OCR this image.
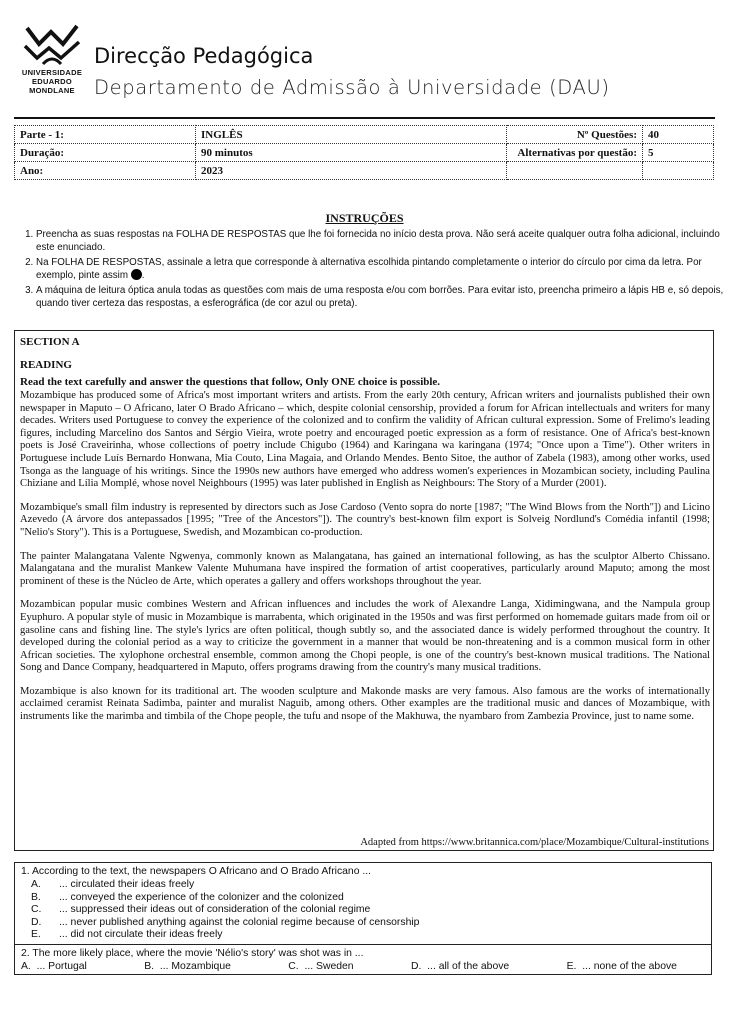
UNIVERSIDADE
EDUARDO
MONDLANE
Direcção Pedagógica
Departamento de Admissão à Universidade (DAU)
Parte - 1:	INGLÊS	Nº Questões:	40
Duração:	90 minutos	Alternativas por questão:	5
Ano:	2023		
INSTRUÇÕES
1. Preencha as suas respostas na FOLHA DE RESPOSTAS que lhe foi fornecida no início desta prova. Não será aceite qualquer outra folha adicional, incluindo este enunciado.
2. Na FOLHA DE RESPOSTAS, assinale a letra que corresponde à alternativa escolhida pintando completamente o interior do círculo por cima da letra. Por exemplo, pinte assim .
3. A máquina de leitura óptica anula todas as questões com mais de uma resposta e/ou com borrões. Para evitar isto, preencha primeiro a lápis HB e, só depois, quando tiver certeza das respostas, a esferográfica (de cor azul ou preta).
SECTION A
READING
Read the text carefully and answer the questions that follow, Only ONE choice is possible.

Mozambique has produced some of Africa's most important writers and artists. From the early 20th century, African writers and journalists published their own newspaper in Maputo – O Africano, later O Brado Africano – which, despite colonial censorship, provided a forum for African intellectuals and writers for many decades. Writers used Portuguese to convey the experience of the colonized and to confirm the validity of African cultural expression. Some of Frelimo's leading figures, including Marcelino dos Santos and Sérgio Vieira, wrote poetry and encouraged poetic expression as a form of resistance. One of Africa's best-known poets is José Craveirinha, whose collections of poetry include Chigubo (1964) and Karingana wa karingana (1974; "Once upon a Time"). Other writers in Portuguese include Luís Bernardo Honwana, Mia Couto, Lina Magaia, and Orlando Mendes. Bento Sitoe, the author of Zabela (1983), among other works, used Tsonga as the language of his writings. Since the 1990s new authors have emerged who address women's experiences in Mozambican society, including Paulina Chiziane and Lília Momplé, whose novel Neighbours (1995) was later published in English as Neighbours: The Story of a Murder (2001).

Mozambique's small film industry is represented by directors such as Jose Cardoso (Vento sopra do norte [1987; "The Wind Blows from the North"]) and Licino Azevedo (A árvore dos antepassados [1995; "Tree of the Ancestors"]). The country's best-known film export is Solveig Nordlund's Comédia infantil (1998; "Nelio's Story"). This is a Portuguese, Swedish, and Mozambican co-production.

The painter Malangatana Valente Ngwenya, commonly known as Malangatana, has gained an international following, as has the sculptor Alberto Chissano. Malangatana and the muralist Mankew Valente Muhumana have inspired the formation of artist cooperatives, particularly around Maputo; among the most prominent of these is the Núcleo de Arte, which operates a gallery and offers workshops throughout the year.

Mozambican popular music combines Western and African influences and includes the work of Alexandre Langa, Xidimingwana, and the Nampula group Eyuphuro. A popular style of music in Mozambique is marrabenta, which originated in the 1950s and was first performed on homemade guitars made from oil or gasoline cans and fishing line. The style's lyrics are often political, though subtly so, and the associated dance is widely performed throughout the country. It developed during the colonial period as a way to criticize the government in a manner that would be non-threatening and is a common musical form in other African societies. The xylophone orchestral ensemble, common among the Chopi people, is one of the country's best-known musical traditions. The National Song and Dance Company, headquartered in Maputo, offers programs drawing from the country's many musical traditions.

Mozambique is also known for its traditional art. The wooden sculpture and Makonde masks are very famous. Also famous are the works of internationally acclaimed ceramist Reinata Sadimba, painter and muralist Naguib, among others. Other examples are the traditional music and dances of Mozambique, with instruments like the marimba and timbila of the Chope people, the tufu and nsope of the Makhuwa, the nyambaro from Zambezia Province, just to name some.

Adapted from https://www.britannica.com/place/Mozambique/Cultural-institutions
1. According to the text, the newspapers O Africano and O Brado Africano ...
A.	... circulated their ideas freely
B.	... conveyed the experience of the colonizer and the colonized
C.	... suppressed their ideas out of consideration of the colonial regime
D.	... never published anything against the colonial regime because of censorship
E.	... did not circulate their ideas freely
2. The more likely place, where the movie 'Nélio's story' was shot was in ...
A. ... Portugal	B. ... Mozambique	C. ... Sweden	D. ... all of the above	E. ... none of the above
